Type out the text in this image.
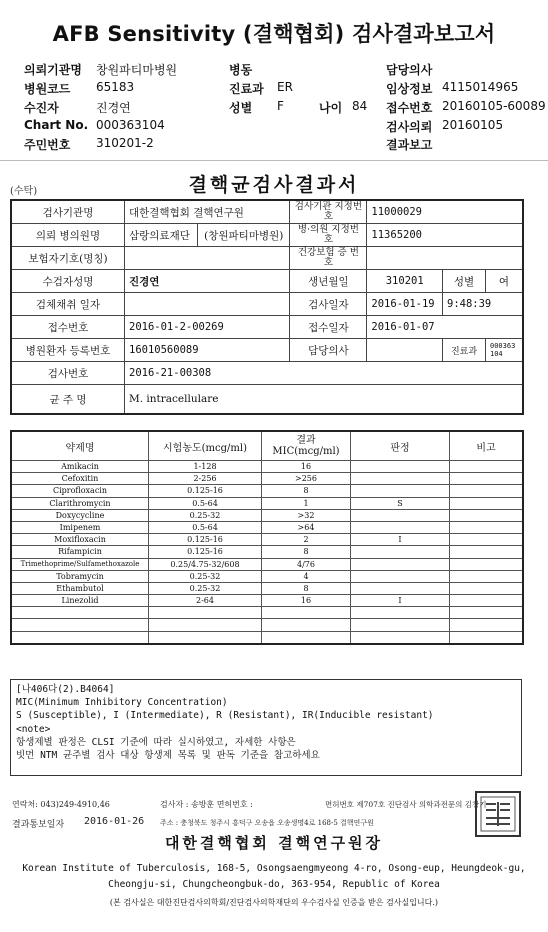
AFB Sensitivity (결핵협회) 검사결과보고서
의뢰기관명 창원파티마병원	병동	담당의사
병원코드 65183	진료과 ER	임상정보 4115014965
수진자	진경연	성별 F	나이 84 접수번호 20160105-60089
Chart No. 000363104	검사의뢰 20160105
주민번호 310201-2	결과보고
(수탁)	결핵균검사결과서
검사기관명	대한결핵협회 결핵연구원		검사기관 지정번호	11000029		
의뢰 병의원명	삼랑의료재단	(창원파티마병원)	병·의원 지정번호	11365200		
보험자기호(명칭)			건강보험 증 번 호			
수검자성명	진경연		생년월일	310201	성별	여
검체채취 일자			검사일자	2016-01-19	9:48:39	
접수번호	2016-01-2-00269		접수일자	2016-01-07		
병원환자 등록번호	16010560089		담당의사		진료과	000363104
검사번호	2016-21-00308					
균 주 명	M. intracellulare					
약제명	시험농도(mcg/ml)	결과 MIC(mcg/ml)	판정	비고
Amikacin	1-128	16		
Cefoxitin	2-256	>256		
Ciprofloxacin	0.125-16	8		
Clarithromycin	0.5-64	1	S	
Doxycycline	0.25-32	>32		
Imipenem	0.5-64	>64		
Moxifloxacin	0.125-16	2	I	
Rifampicin	0.125-16	8		
Trimethoprime/Sulfamethoxazole	0.25/4.75-32/608	4/76		
Tobramycin	0.25-32	4		
Ethambutol	0.25-32	8		
Linezolid	2-64	16	I	

[나406다(2).B4064]
MIC(Minimum Inhibitory Concentration)
S (Susceptible), I (Intermediate), R (Resistant), IR(Inducible resistant)
<note>
항생제별 판정은 CLSI 기준에 따라 실시하였고, 자세한 사항은
빗먼 NTM 균주별 검사 대상 항생제 목록 및 판독 기준을 참고하세요
연락처: 043)249-4910,46	검사자 : 송방훈 면허번호 :	면허번호 제707호 진단검사 의학과전문의 김창기
결과통보일자 2016-01-26 주소 : 충청북도 청주시 흥덕구 오송읍 오송생명4로 168-5 결핵연구원
대한결핵협회 결핵연구원장
Korean Institute of Tuberculosis, 168-5, Osongsaengmyeong 4-ro, Osong-eup, Heungdeok-gu,
Cheongju-si, Chungcheongbuk-do, 363-954, Republic of Korea
(본 검사실은 대한진단검사의학회/진단검사의학재단의 우수검사실 인증을 받은 검사실입니다.)
